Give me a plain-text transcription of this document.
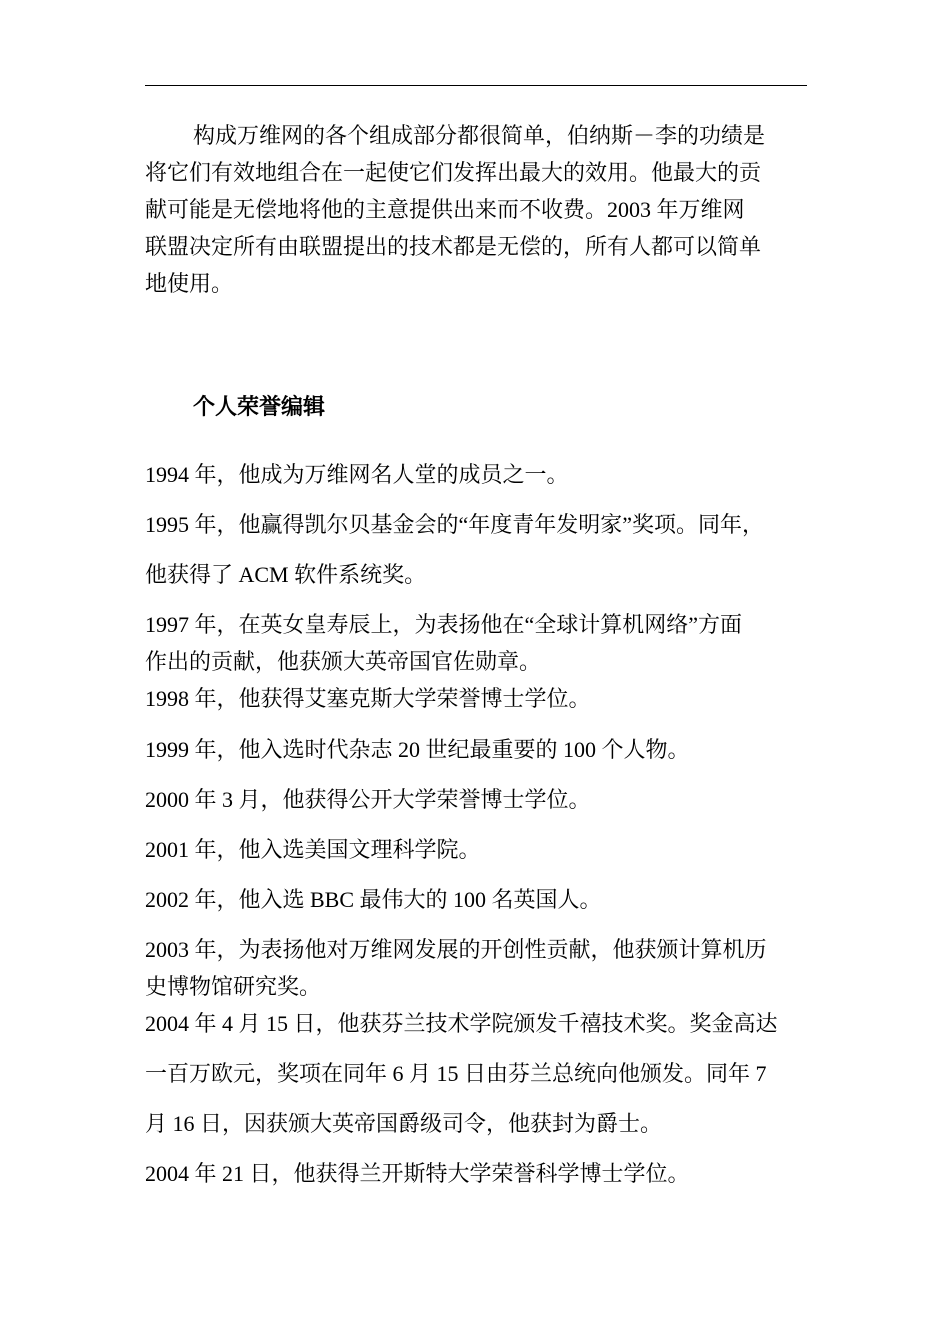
构成万维网的各个组成部分都很简单，伯纳斯－李的功绩是
将它们有效地组合在一起使它们发挥出最大的效用。他最大的贡
献可能是无偿地将他的主意提供出来而不收费。2003 年万维网
联盟决定所有由联盟提出的技术都是无偿的，所有人都可以简单
地使用。
个人荣誉编辑
1994 年，他成为万维网名人堂的成员之一。
1995 年，他赢得凯尔贝基金会的“年度青年发明家”奖项。同年，
他获得了 ACM 软件系统奖。
1997 年，在英女皇寿辰上，为表扬他在“全球计算机网络”方面
作出的贡献，他获颁大英帝国官佐勋章。
1998 年，他获得艾塞克斯大学荣誉博士学位。
1999 年，他入选时代杂志 20 世纪最重要的 100 个人物。
2000 年 3 月，他获得公开大学荣誉博士学位。
2001 年，他入选美国文理科学院。
2002 年，他入选 BBC 最伟大的 100 名英国人。
2003 年，为表扬他对万维网发展的开创性贡献，他获颁计算机历
史博物馆研究奖。
2004 年 4 月 15 日，他获芬兰技术学院颁发千禧技术奖。奖金高达
一百万欧元，奖项在同年 6 月 15 日由芬兰总统向他颁发。同年 7
月 16 日，因获颁大英帝国爵级司令，他获封为爵士。
2004 年 21 日，他获得兰开斯特大学荣誉科学博士学位。
